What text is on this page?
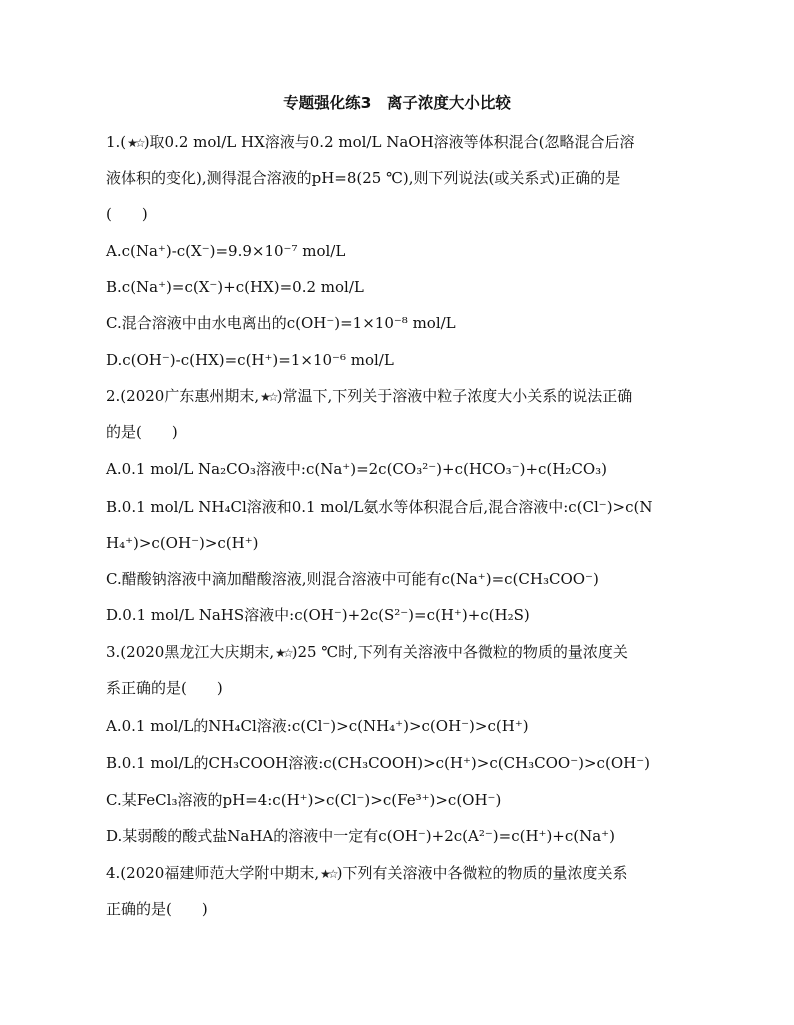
专题强化练3　离子浓度大小比较
1.(★☆)取0.2 mol/L HX溶液与0.2 mol/L NaOH溶液等体积混合(忽略混合后溶
液体积的变化),测得混合溶液的pH=8(25 ℃),则下列说法(或关系式)正确的是
(　　)
A.c(Na⁺)-c(X⁻)=9.9×10⁻⁷ mol/L
B.c(Na⁺)=c(X⁻)+c(HX)=0.2 mol/L
C.混合溶液中由水电离出的c(OH⁻)=1×10⁻⁸ mol/L
D.c(OH⁻)-c(HX)=c(H⁺)=1×10⁻⁶ mol/L
2.(2020广东惠州期末,★☆)常温下,下列关于溶液中粒子浓度大小关系的说法正确
的是(　　)
A.0.1 mol/L Na₂CO₃溶液中:c(Na⁺)=2c(CO₃²⁻)+c(HCO₃⁻)+c(H₂CO₃)
B.0.1 mol/L NH₄Cl溶液和0.1 mol/L氨水等体积混合后,混合溶液中:c(Cl⁻)>c(N
H₄⁺)>c(OH⁻)>c(H⁺)
C.醋酸钠溶液中滴加醋酸溶液,则混合溶液中可能有c(Na⁺)=c(CH₃COO⁻)
D.0.1 mol/L NaHS溶液中:c(OH⁻)+2c(S²⁻)=c(H⁺)+c(H₂S)
3.(2020黑龙江大庆期末,★☆)25 ℃时,下列有关溶液中各微粒的物质的量浓度关
系正确的是(　　)
A.0.1 mol/L的NH₄Cl溶液:c(Cl⁻)>c(NH₄⁺)>c(OH⁻)>c(H⁺)
B.0.1 mol/L的CH₃COOH溶液:c(CH₃COOH)>c(H⁺)>c(CH₃COO⁻)>c(OH⁻)
C.某FeCl₃溶液的pH=4:c(H⁺)>c(Cl⁻)>c(Fe³⁺)>c(OH⁻)
D.某弱酸的酸式盐NaHA的溶液中一定有c(OH⁻)+2c(A²⁻)=c(H⁺)+c(Na⁺)
4.(2020福建师范大学附中期末,★☆)下列有关溶液中各微粒的物质的量浓度关系
正确的是(　　)
